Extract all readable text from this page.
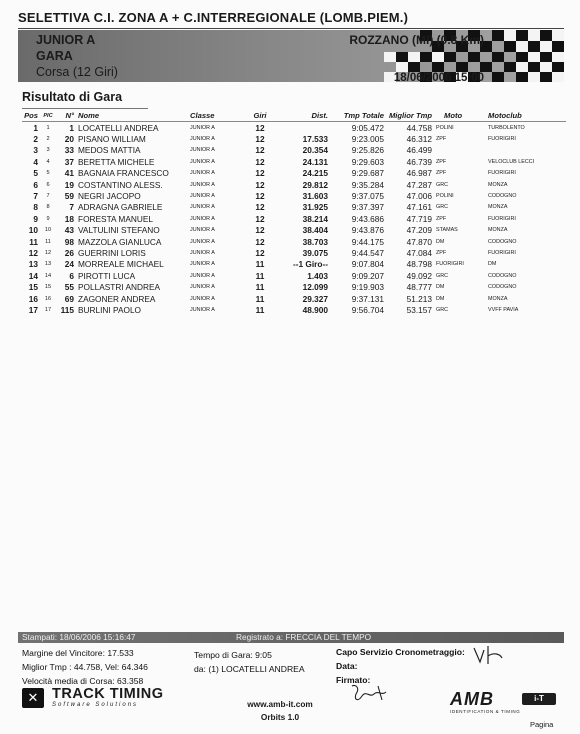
SELETTIVA C.I. ZONA A + C.INTERREGIONALE (LOMB.PIEM.)
JUNIOR A
GARA
Corsa (12 Giri)
ROZZANO (MI) (0.8 Km)
18/06/2006 15:00
Risultato di Gara
Pos	PIC	N°	Nome	Classe	Giri	Dist.	Tmp Totale	Miglior Tmp	Moto	Motoclub
1	1	1	LOCATELLI ANDREA	JUNIOR A	12		9:05.472	44.758	POLINI	TURBOLENTO
2	2	20	PISANO WILLIAM	JUNIOR A	12	17.533	9:23.005	46.312	ZPF	FUORIGIRI
3	3	33	MEDOS MATTIA	JUNIOR A	12	20.354	9:25.826	46.499		
4	4	37	BERETTA MICHELE	JUNIOR A	12	24.131	9:29.603	46.739	ZPF	VELOCLUB LECCI
5	5	41	BAGNAIA FRANCESCO	JUNIOR A	12	24.215	9:29.687	46.987	ZPF	FUORIGIRI
6	6	19	COSTANTINO ALESS.	JUNIOR A	12	29.812	9:35.284	47.287	GRC	MONZA
7	7	59	NEGRI JACOPO	JUNIOR A	12	31.603	9:37.075	47.006	POLINI	CODOGNO
8	8	7	ADRAGNA GABRIELE	JUNIOR A	12	31.925	9:37.397	47.161	GRC	MONZA
9	9	18	FORESTA MANUEL	JUNIOR A	12	38.214	9:43.686	47.719	ZPF	FUORIGIRI
10	10	43	VALTULINI STEFANO	JUNIOR A	12	38.404	9:43.876	47.209	STAMAS	MONZA
11	11	98	MAZZOLA GIANLUCA	JUNIOR A	12	38.703	9:44.175	47.870	DM	CODOGNO
12	12	26	GUERRINI LORIS	JUNIOR A	12	39.075	9:44.547	47.084	ZPF	FUORIGIRI
13	13	24	MORREALE MICHAEL	JUNIOR A	11	--1 Giro--	9:07.804	48.798	FUORIGIRI	DM
14	14	6	PIROTTI LUCA	JUNIOR A	11	1.403	9:09.207	49.092	GRC	CODOGNO
15	15	55	POLLASTRI ANDREA	JUNIOR A	11	12.099	9:19.903	48.777	DM	CODOGNO
16	16	69	ZAGONER ANDREA	JUNIOR A	11	29.327	9:37.131	51.213	DM	MONZA
17	17	115	BURLINI PAOLO	JUNIOR A	11	48.900	9:56.704	53.157	GRC	VVFF PAVIA
Stampati: 18/06/2006 15:16:47	Registrato a: FRECCIA DEL TEMPO
Margine del Vincitore: 17.533
Miglior Tmp : 44.758, Vel: 64.346
Velocità media di Corsa: 63.358
Tempo di Gara: 9:05
da: (1) LOCATELLI ANDREA
Capo Servizio Cronometraggio:
Data:
Firmato:
✕ TRACK TIMING
Software Solutions	www.amb-it.com
Orbits 1.0
AMB	i-T
IDENTIFICATION & TIMING
Pagina
